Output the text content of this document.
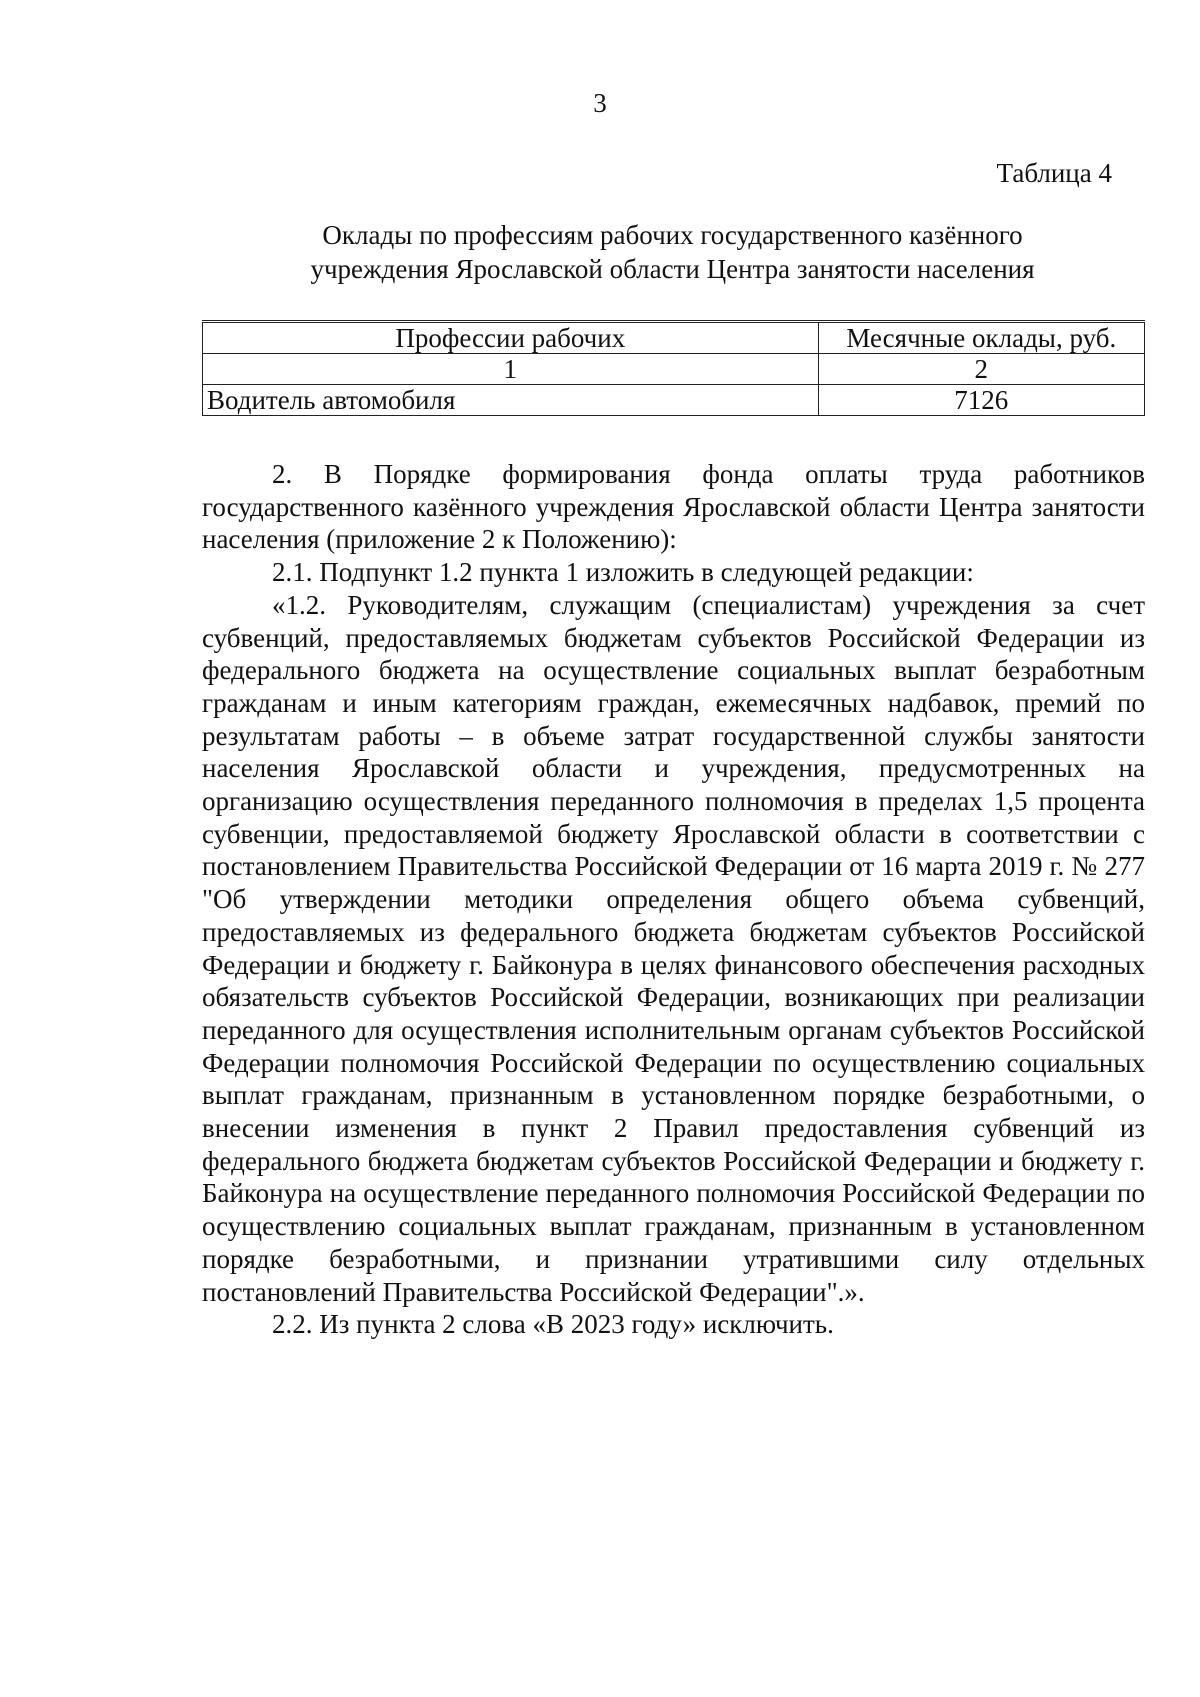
3
Таблица 4
Оклады по профессиям рабочих государственного казённого
учреждения Ярославской области Центра занятости населения
Профессии рабочих	Месячные оклады, руб.
1	2
Водитель автомобиля	7126

2. В Порядке формирования фонда оплаты труда работников государственного казённого учреждения Ярославской области Центра занятости населения (приложение 2 к Положению):

2.1. Подпункт 1.2 пункта 1 изложить в следующей редакции:

«1.2. Руководителям, служащим (специалистам) учреждения за счет субвенций, предоставляемых бюджетам субъектов Российской Федерации из федерального бюджета на осуществление социальных выплат безработным гражданам и иным категориям граждан, ежемесячных надбавок, премий по результатам работы – в объеме затрат государственной службы занятости населения Ярославской области и учреждения, предусмотренных на организацию осуществления переданного полномочия в пределах 1,5 процента субвенции, предоставляемой бюджету Ярославской области в соответствии с постановлением Правительства Российской Федерации от 16 марта 2019 г. № 277 "Об утверждении методики определения общего объема субвенций, предоставляемых из федерального бюджета бюджетам субъектов Российской Федерации и бюджету г. Байконура в целях финансового обеспечения расходных обязательств субъектов Российской Федерации, возникающих при реализации переданного для осуществления исполнительным органам субъектов Российской Федерации полномочия Российской Федерации по осуществлению социальных выплат гражданам, признанным в установленном порядке безработными, о внесении изменения в пункт 2 Правил предоставления субвенций из федерального бюджета бюджетам субъектов Российской Федерации и бюджету г. Байконура на осуществление переданного полномочия Российской Федерации по осуществлению социальных выплат гражданам, признанным в установленном порядке безработными, и признании утратившими силу отдельных постановлений Правительства Российской Федерации".».

2.2. Из пункта 2 слова «В 2023 году» исключить.
